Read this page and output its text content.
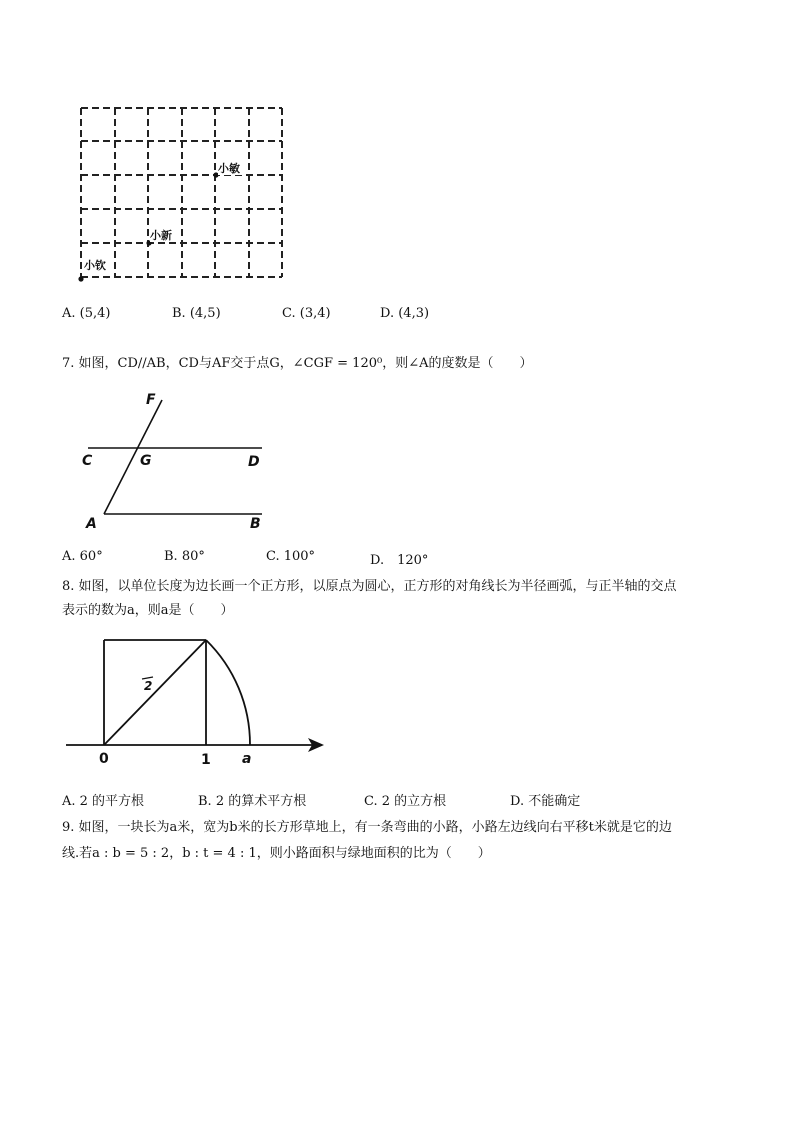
小敏
小新
小钦
A. (5,4)	B. (4,5)	C. (3,4)	D. (4,3)
7. 如图，CD//AB，CD与AF交于点G，∠CGF = 120⁰，则∠A的度数是（　　）
F
C	G	D
A	B
A. 60°	B. 80°	C. 100°	D.　120°
8. 如图，以单位长度为边长画一个正方形，以原点为圆心，正方形的对角线长为半径画弧，与正半轴的交点
表示的数为a，则a是（　　）
0	1 a
2
A. 2 的平方根	B. 2 的算术平方根	C. 2 的立方根	D. 不能确定
9. 如图，一块长为a米，宽为b米的长方形草地上，有一条弯曲的小路，小路左边线向右平移t米就是它的边
线.若a : b = 5 : 2，b : t = 4 : 1，则小路面积与绿地面积的比为（　　）
